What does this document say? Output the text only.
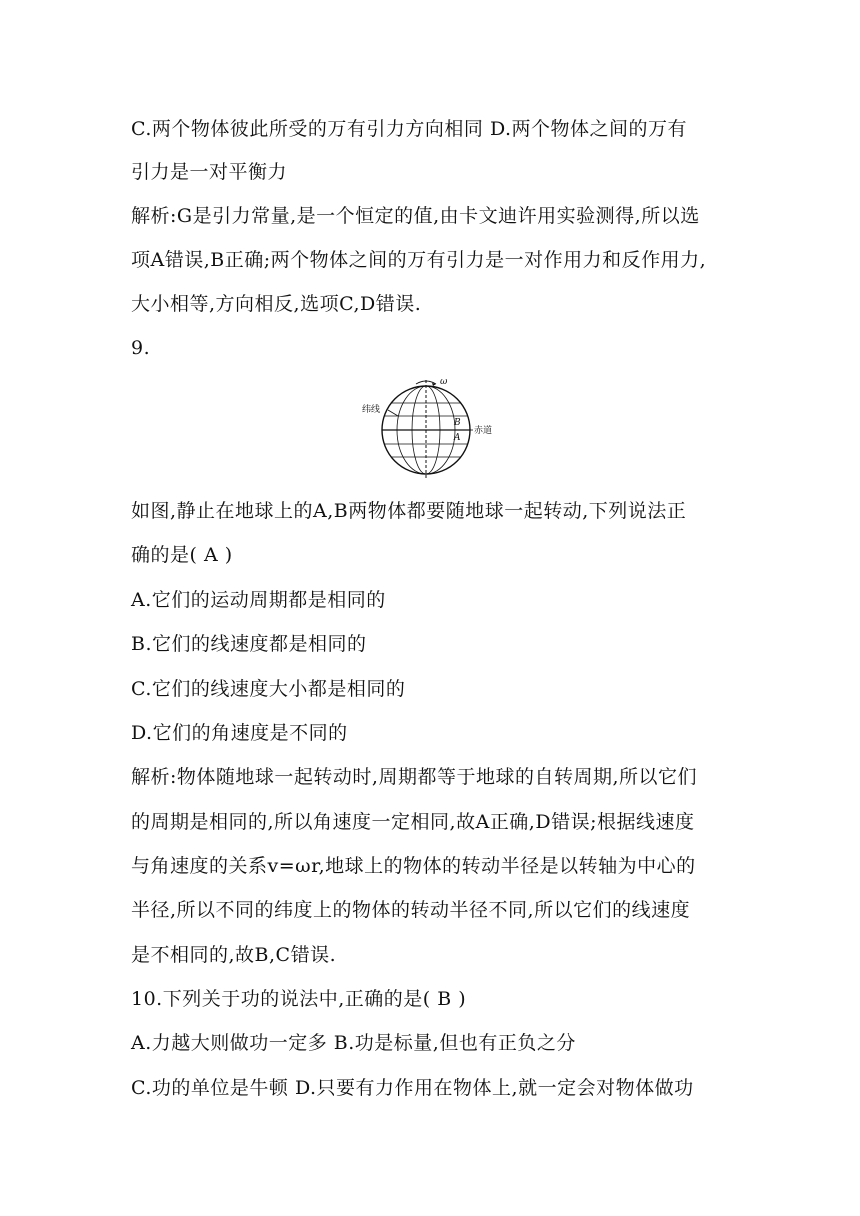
C.两个物体彼此所受的万有引力方向相同 D.两个物体之间的万有
引力是一对平衡力
解析:G是引力常量,是一个恒定的值,由卡文迪许用实验测得,所以选
项A错误,B正确;两个物体之间的万有引力是一对作用力和反作用力,
大小相等,方向相反,选项C,D错误.
9.
ω
纬线
赤道
B
A
如图,静止在地球上的A,B两物体都要随地球一起转动,下列说法正
确的是( A )
A.它们的运动周期都是相同的
B.它们的线速度都是相同的
C.它们的线速度大小都是相同的
D.它们的角速度是不同的
解析:物体随地球一起转动时,周期都等于地球的自转周期,所以它们
的周期是相同的,所以角速度一定相同,故A正确,D错误;根据线速度
与角速度的关系v=ωr,地球上的物体的转动半径是以转轴为中心的
半径,所以不同的纬度上的物体的转动半径不同,所以它们的线速度
是不相同的,故B,C错误.
10.下列关于功的说法中,正确的是( B )
A.力越大则做功一定多 B.功是标量,但也有正负之分
C.功的单位是牛顿 D.只要有力作用在物体上,就一定会对物体做功
